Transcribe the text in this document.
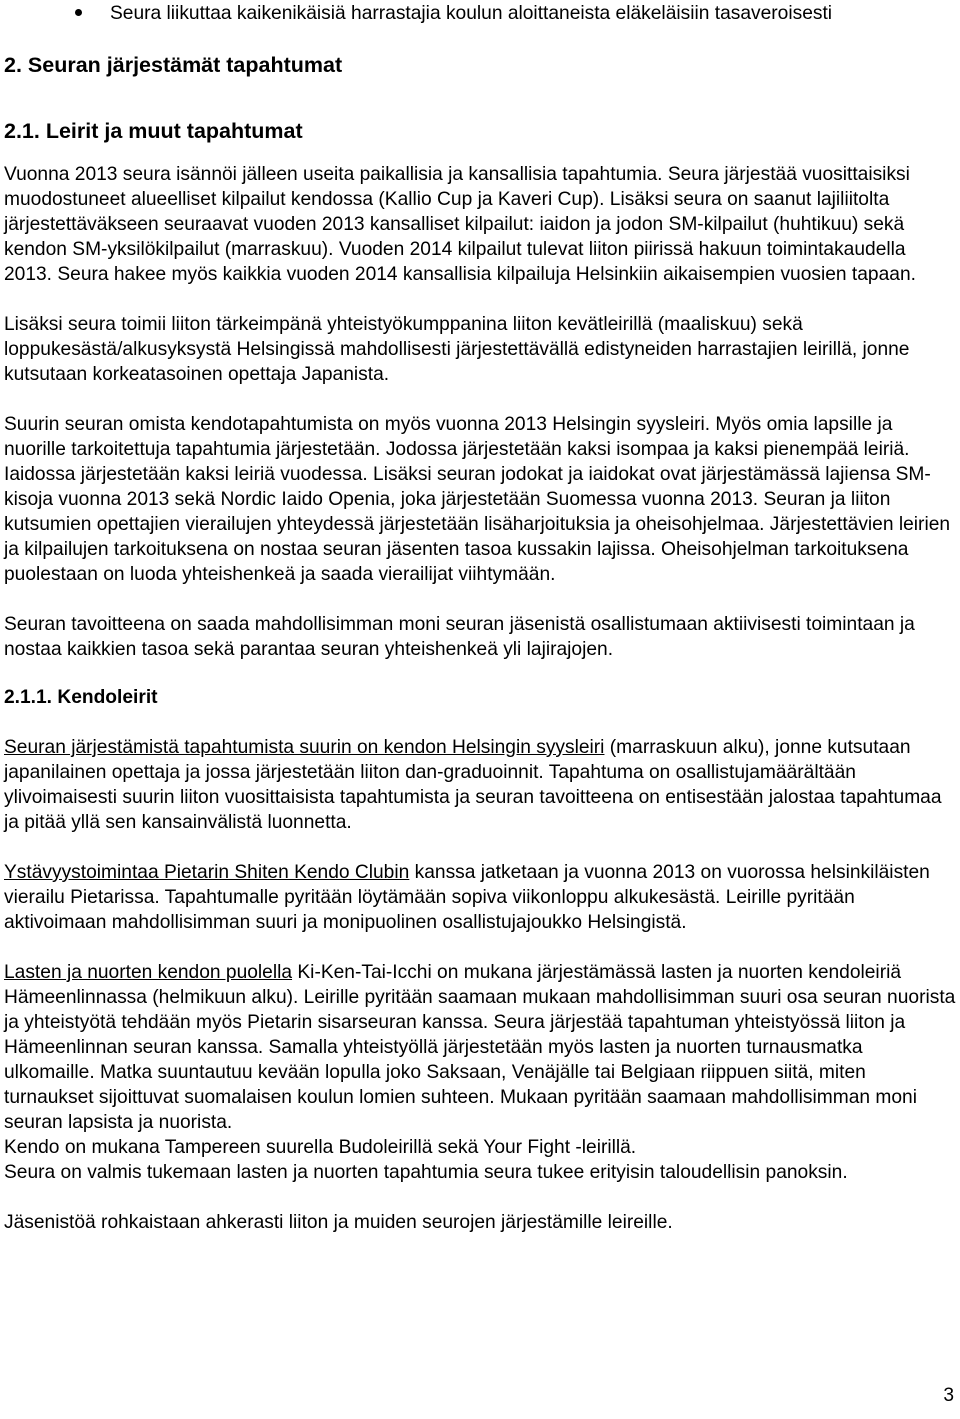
Seura liikuttaa kaikenikäisiä harrastajia koulun aloittaneista eläkeläisiin tasaveroisesti
2. Seuran järjestämät tapahtumat
2.1. Leirit ja muut tapahtumat

Vuonna 2013 seura isännöi jälleen useita paikallisia ja kansallisia tapahtumia. Seura järjestää vuosittaisiksi muodostuneet alueelliset kilpailut kendossa (Kallio Cup ja Kaveri Cup). Lisäksi seura on saanut lajiliitolta järjestettäväkseen seuraavat vuoden 2013 kansalliset kilpailut: iaidon ja jodon SM-kilpailut (huhtikuu) sekä kendon SM-yksilökilpailut (marraskuu). Vuoden 2014 kilpailut tulevat liiton piirissä hakuun toimintakaudella 2013. Seura hakee myös kaikkia vuoden 2014 kansallisia kilpailuja Helsinkiin aikaisempien vuosien tapaan.

Lisäksi seura toimii liiton tärkeimpänä yhteistyökumppanina liiton kevätleirillä (maaliskuu) sekä loppukesästä/alkusyksystä Helsingissä mahdollisesti järjestettävällä edistyneiden harrastajien leirillä, jonne kutsutaan korkeatasoinen opettaja Japanista.

Suurin seuran omista kendotapahtumista on myös vuonna 2013 Helsingin syysleiri. Myös omia lapsille ja nuorille tarkoitettuja tapahtumia järjestetään. Jodossa järjestetään kaksi isompaa ja kaksi pienempää leiriä. Iaidossa järjestetään kaksi leiriä vuodessa. Lisäksi seuran jodokat ja iaidokat ovat järjestämässä lajiensa SM-kisoja vuonna 2013 sekä Nordic Iaido Openia, joka järjestetään Suomessa vuonna 2013. Seuran ja liiton kutsumien opettajien vierailujen yhteydessä järjestetään lisäharjoituksia ja oheisohjelmaa. Järjestettävien leirien ja kilpailujen tarkoituksena on nostaa seuran jäsenten tasoa kussakin lajissa. Oheisohjelman tarkoituksena puolestaan on luoda yhteishenkeä ja saada vierailijat viihtymään.

Seuran tavoitteena on saada mahdollisimman moni seuran jäsenistä osallistumaan aktiivisesti toimintaan ja nostaa kaikkien tasoa sekä parantaa seuran yhteishenkeä yli lajirajojen.

2.1.1. Kendoleirit

Seuran järjestämistä tapahtumista suurin on kendon Helsingin syysleiri (marraskuun alku), jonne kutsutaan japanilainen opettaja ja jossa järjestetään liiton dan-graduoinnit. Tapahtuma on osallistujamäärältään ylivoimaisesti suurin liiton vuosittaisista tapahtumista ja seuran tavoitteena on entisestään jalostaa tapahtumaa ja pitää yllä sen kansainvälistä luonnetta.

Ystävyystoimintaa Pietarin Shiten Kendo Clubin kanssa jatketaan ja vuonna 2013 on vuorossa helsinkiläisten vierailu Pietarissa. Tapahtumalle pyritään löytämään sopiva viikonloppu alkukesästä. Leirille pyritään aktivoimaan mahdollisimman suuri ja monipuolinen osallistujajoukko Helsingistä.

Lasten ja nuorten kendon puolella Ki-Ken-Tai-Icchi on mukana järjestämässä lasten ja nuorten kendoleiriä Hämeenlinnassa (helmikuun alku). Leirille pyritään saamaan mukaan mahdollisimman suuri osa seuran nuorista ja yhteistyötä tehdään myös Pietarin sisarseuran kanssa. Seura järjestää tapahtuman yhteistyössä liiton ja Hämeenlinnan seuran kanssa. Samalla yhteistyöllä järjestetään myös lasten ja nuorten turnausmatka ulkomaille. Matka suuntautuu kevään lopulla joko Saksaan, Venäjälle tai Belgiaan riippuen siitä, miten turnaukset sijoittuvat suomalaisen koulun lomien suhteen. Mukaan pyritään saamaan mahdollisimman moni seuran lapsista ja nuorista.

Kendo on mukana Tampereen suurella Budoleirillä sekä Your Fight -leirillä.

Seura on valmis tukemaan lasten ja nuorten tapahtumia seura tukee erityisin taloudellisin panoksin.

Jäsenistöä rohkaistaan ahkerasti liiton ja muiden seurojen järjestämille leireille.

3
